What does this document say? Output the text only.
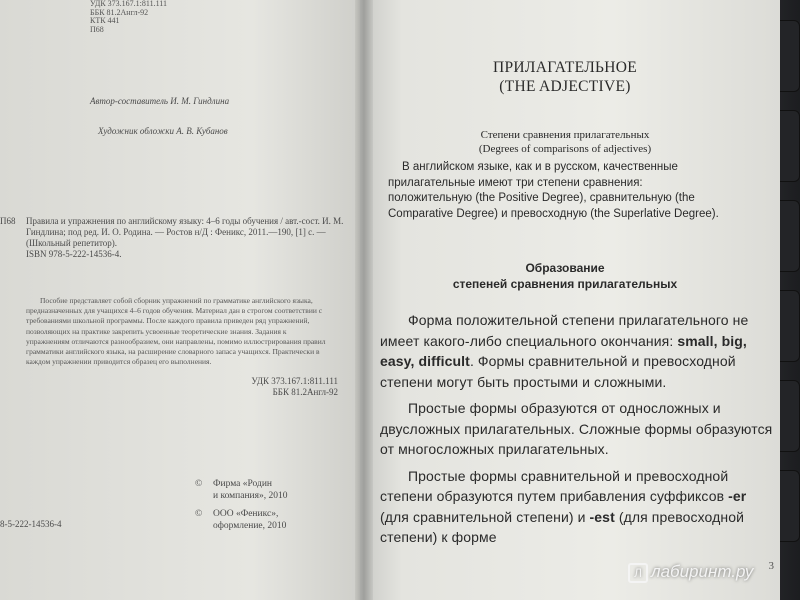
УДК 373.167.1:811.111
ББК 81.2Англ-92
КТК 441
П68
Автор-составитель И. М. Гиндлина
Художник обложки А. В. Кубанов
П68 Правила и упражнения по английскому языку: 4–6 годы обучения / авт.-сост. И. М. Гиндлина; под ред. И. О. Родина. — Ростов н/Д : Феникс, 2011.—190, [1] с. —(Школьный репетитор).
ISBN 978-5-222-14536-4.
Пособие представляет собой сборник упражнений по грамматике английского языка, предназначенных для учащихся 4–6 годов обучения. Материал дан в строгом соответствии с требованиями школьной программы. После каждого правила приведен ряд упражнений, позволяющих на практике закрепить усвоенные теоретические знания. Задания к упражнениям отличаются разнообразием, они направлены, помимо иллюстрирования правил грамматики английского языка, на расширение словарного запаса учащихся. Практически в каждом упражнении приводится образец его выполнения.
УДК 373.167.1:811.111
ББК 81.2Англ-92
© Фирма «Родин
и компания», 2010
© ООО «Феникс»,
оформление, 2010
8-5-222-14536-4
ПРИЛАГАТЕЛЬНОЕ
(THE ADJECTIVE)
Степени сравнения прилагательных
(Degrees of comparisons of adjectives)
В английском языке, как и в русском, качественные прилагательные имеют три степени сравнения: положительную (the Positive Degree), сравнительную (the Comparative Degree) и превосходную (the Superlative Degree).
Образование
степеней сравнения прилагательных

Форма положительной степени прилагательного не имеет какого-либо специального окончания: small, big, easy, difficult. Формы сравнительной и превосходной степени могут быть простыми и сложными.

Простые формы образуются от односложных и двусложных прилагательных. Сложные формы образуются от многосложных прилагательных.

Простые формы сравнительной и превосходной степени образуются путем прибавления суффиксов -er (для сравнительной степени) и -est (для превосходной степени) к форме

3
Л лабиринт.ру
